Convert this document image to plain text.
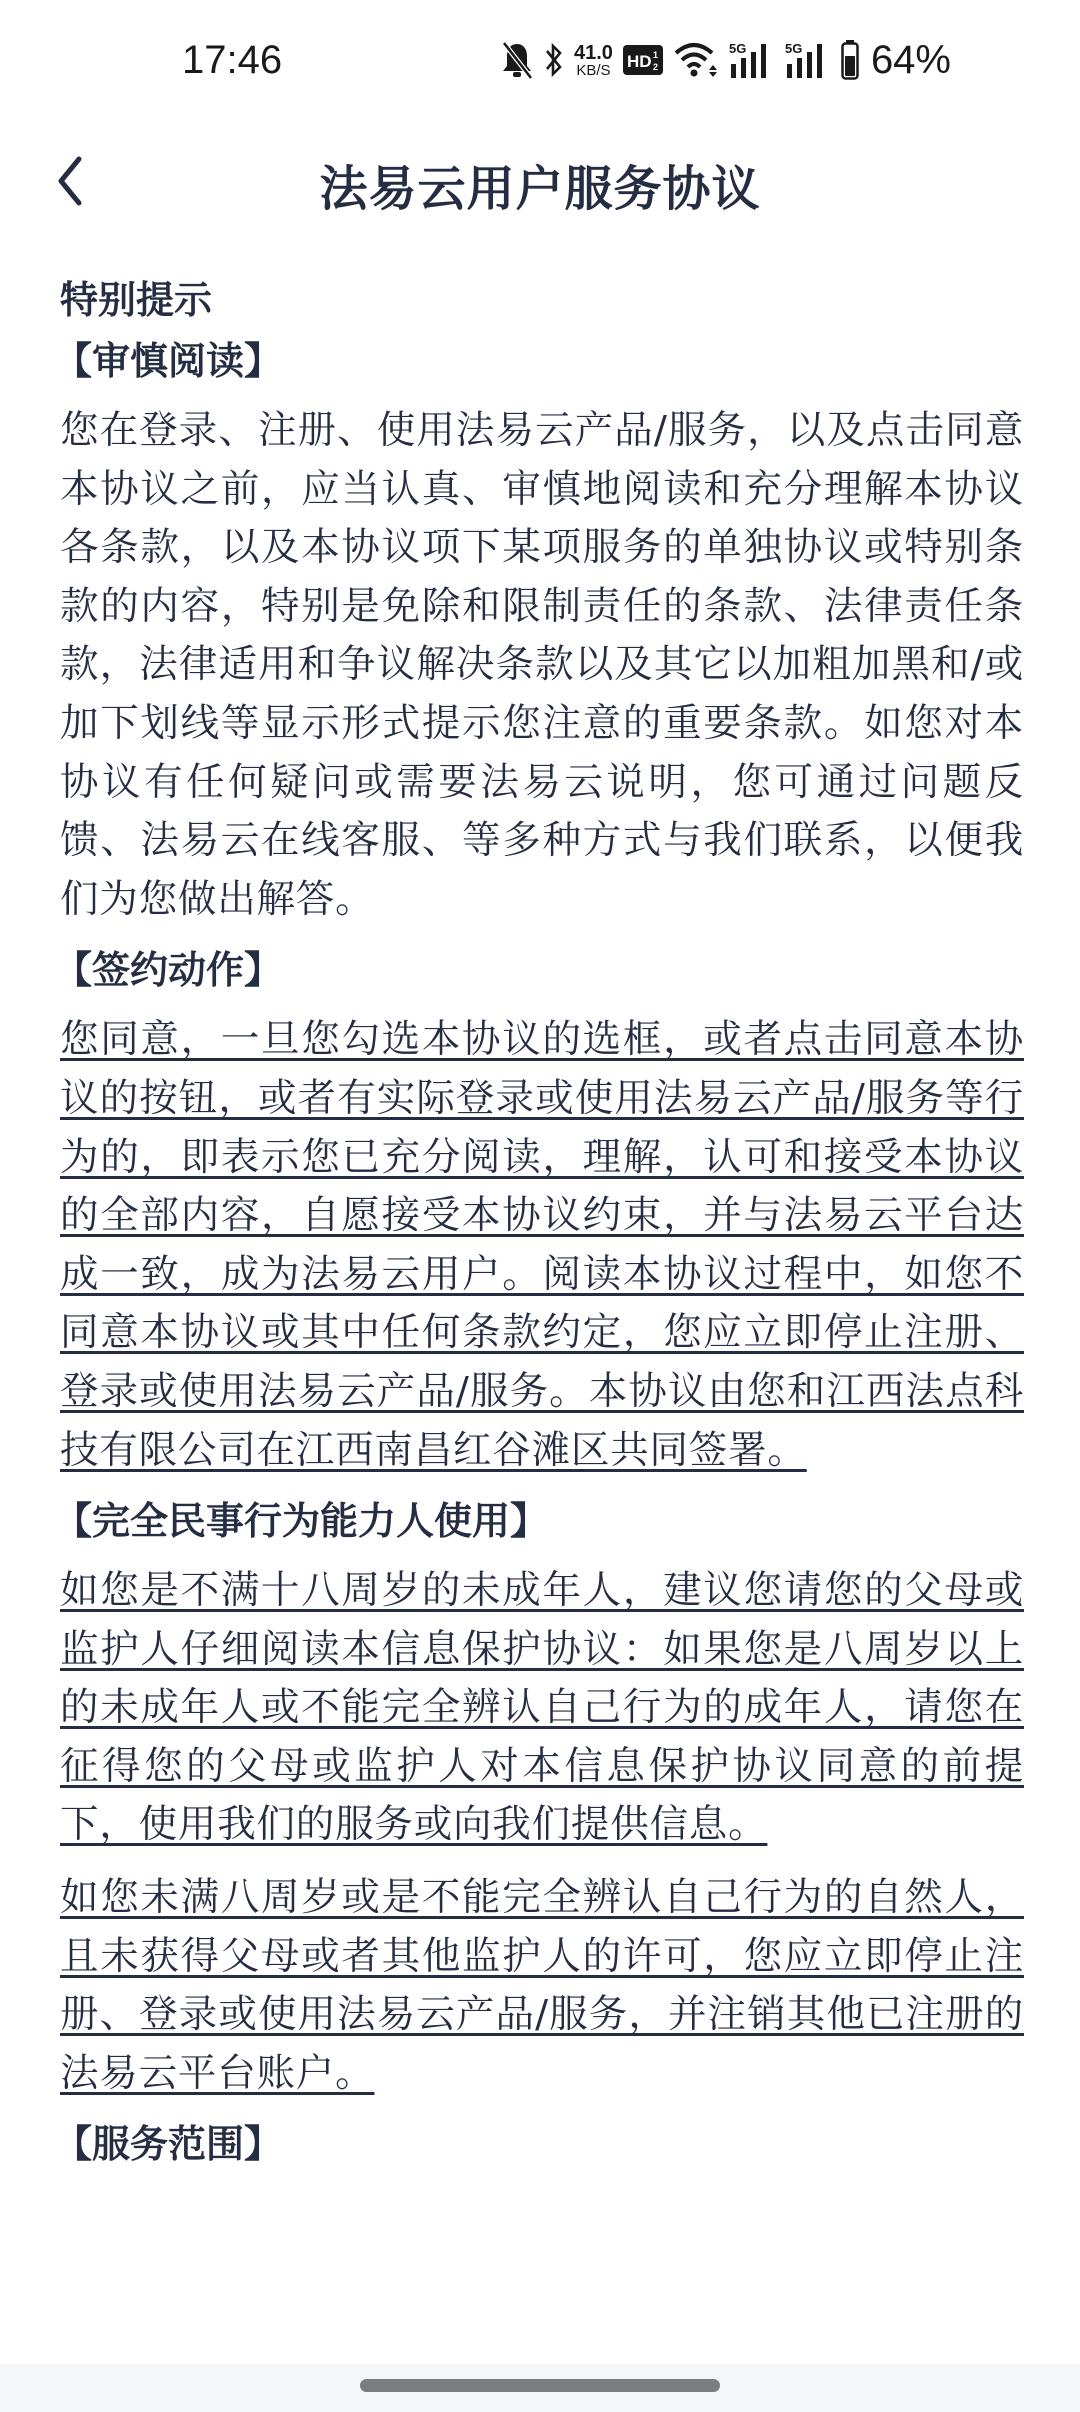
17:46	41.0
KB/S HD 1
2
5G	5G 64%
法易云用户服务协议
特别提示
【审慎阅读】

您在登录、注册、使用法易云产品/服务，以及点击同意本协议之前，应当认真、审慎地阅读和充分理解本协议各条款，以及本协议项下某项服务的单独协议或特别条款的内容，特别是免除和限制责任的条款、法律责任条款，法律适用和争议解决条款以及其它以加粗加黑和/或加下划线等显示形式提示您注意的重要条款。如您对本协议有任何疑问或需要法易云说明，您可通过问题反馈、法易云在线客服、等多种方式与我们联系，以便我们为您做出解答。

【签约动作】

您同意，一旦您勾选本协议的选框，或者点击同意本协议的按钮，或者有实际登录或使用法易云产品/服务等行为的，即表示您已充分阅读，理解，认可和接受本协议的全部内容，自愿接受本协议约束，并与法易云平台达成一致，成为法易云用户。阅读本协议过程中，如您不同意本协议或其中任何条款约定，您应立即停止注册、登录或使用法易云产品/服务。本协议由您和江西法点科技有限公司在江西南昌红谷滩区共同签署。

【完全民事行为能力人使用】

如您是不满十八周岁的未成年人，建议您请您的父母或监护人仔细阅读本信息保护协议：如果您是八周岁以上的未成年人或不能完全辨认自己行为的成年人，请您在征得您的父母或监护人对本信息保护协议同意的前提下，使用我们的服务或向我们提供信息。

如您未满八周岁或是不能完全辨认自己行为的自然人，且未获得父母或者其他监护人的许可，您应立即停止注册、登录或使用法易云产品/服务，并注销其他已注册的法易云平台账户。

【服务范围】
